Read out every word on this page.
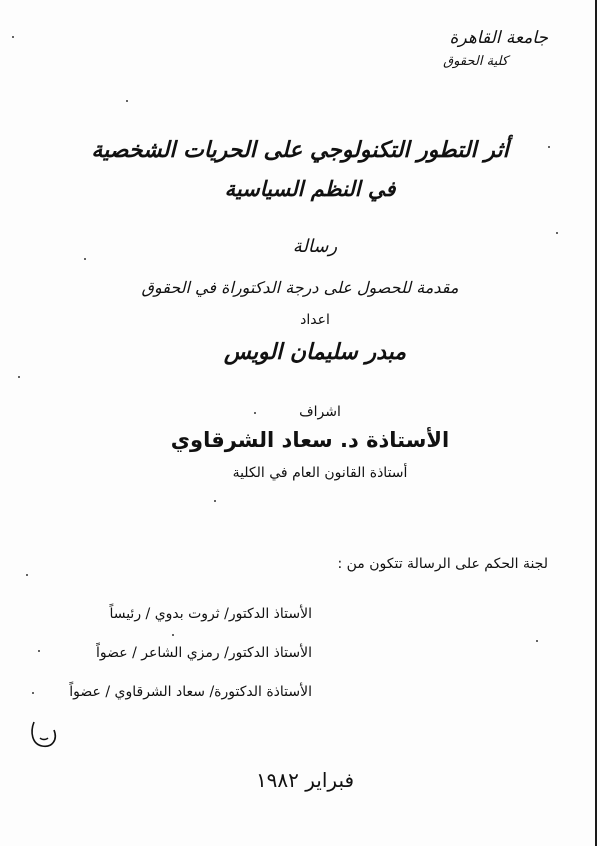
جامعة القاهرة
كلية الحقوق
أثر التطور التكنولوجي على الحريات الشخصية
في النظم السياسية
رسالة
مقدمة للحصول على درجة الدكتوراة في الحقوق
اعداد
مبدر سليمان الويس
اشراف
الأستاذة د. سعاد الشرقاوي
أستاذة القانون العام في الكلية
لجنة الحكم على الرسالة تتكون من :
الأستاذ الدكتور/ ثروت بدوي / رئيساً
الأستاذ الدكتور/ رمزي الشاعر / عضواً
الأستاذة الدكتورة/ سعاد الشرقاوي / عضواً
فبراير ١٩٨٢
